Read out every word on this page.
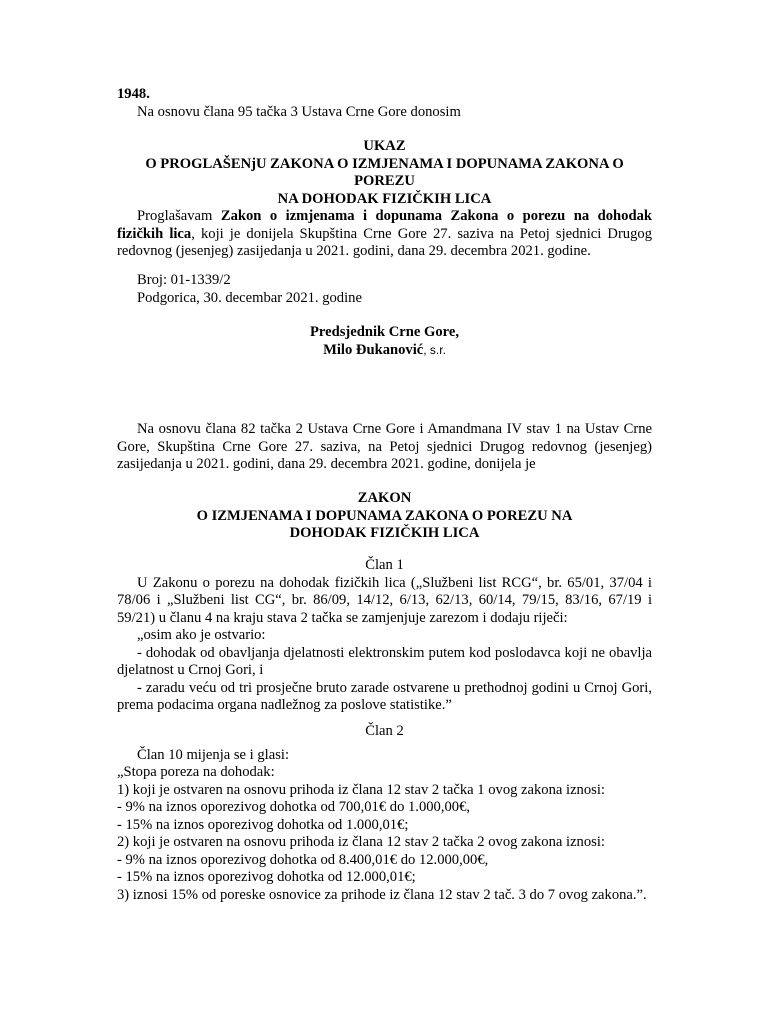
1948.

Na osnovu člana 95 tačka 3 Ustava Crne Gore donosim

UKAZ

O PROGLAŠENjU ZAKONA O IZMJENAMA I DOPUNAMA ZAKONA O POREZU

NA DOHODAK FIZIČKIH LICA

Proglašavam Zakon o izmjenama i dopunama Zakona o porezu na dohodak fizičkih lica, koji je donijela Skupština Crne Gore 27. saziva na Petoj sjednici Drugog redovnog (jesenjeg) zasijedanja u 2021. godini, dana 29. decembra 2021. godine.

Broj: 01-1339/2

Podgorica, 30. decembar 2021. godine

Predsjednik Crne Gore,

Milo Đukanović, s.r.

Na osnovu člana 82 tačka 2 Ustava Crne Gore i Amandmana IV stav 1 na Ustav Crne Gore, Skupština Crne Gore 27. saziva, na Petoj sjednici Drugog redovnog (jesenjeg) zasijedanja u 2021. godini, dana 29. decembra 2021. godine, donijela je

ZAKON

O IZMJENAMA I DOPUNAMA ZAKONA O POREZU NA

DOHODAK FIZIČKIH LICA

Član 1

U Zakonu o porezu na dohodak fizičkih lica („Službeni list RCG“, br. 65/01, 37/04 i 78/06 i „Službeni list CG“, br. 86/09, 14/12, 6/13, 62/13, 60/14, 79/15, 83/16, 67/19 i 59/21) u članu 4 na kraju stava 2 tačka se zamjenjuje zarezom i dodaju riječi:

„osim ako je ostvario:

- dohodak od obavljanja djelatnosti elektronskim putem kod poslodavca koji ne obavlja djelatnost u Crnoj Gori, i

- zaradu veću od tri prosječne bruto zarade ostvarene u prethodnoj godini u Crnoj Gori, prema podacima organa nadležnog za poslove statistike.”

Član 2

Član 10 mijenja se i glasi:

„Stopa poreza na dohodak:

1) koji je ostvaren na osnovu prihoda iz člana 12 stav 2 tačka 1 ovog zakona iznosi:

- 9% na iznos oporezivog dohotka od 700,01€ do 1.000,00€,

- 15% na iznos oporezivog dohotka od 1.000,01€;

2) koji je ostvaren na osnovu prihoda iz člana 12 stav 2 tačka 2 ovog zakona iznosi:

- 9% na iznos oporezivog dohotka od 8.400,01€ do 12.000,00€,

- 15% na iznos oporezivog dohotka od 12.000,01€;

3) iznosi 15% od poreske osnovice za prihode iz člana 12 stav 2 tač. 3 do 7 ovog zakona.”.
